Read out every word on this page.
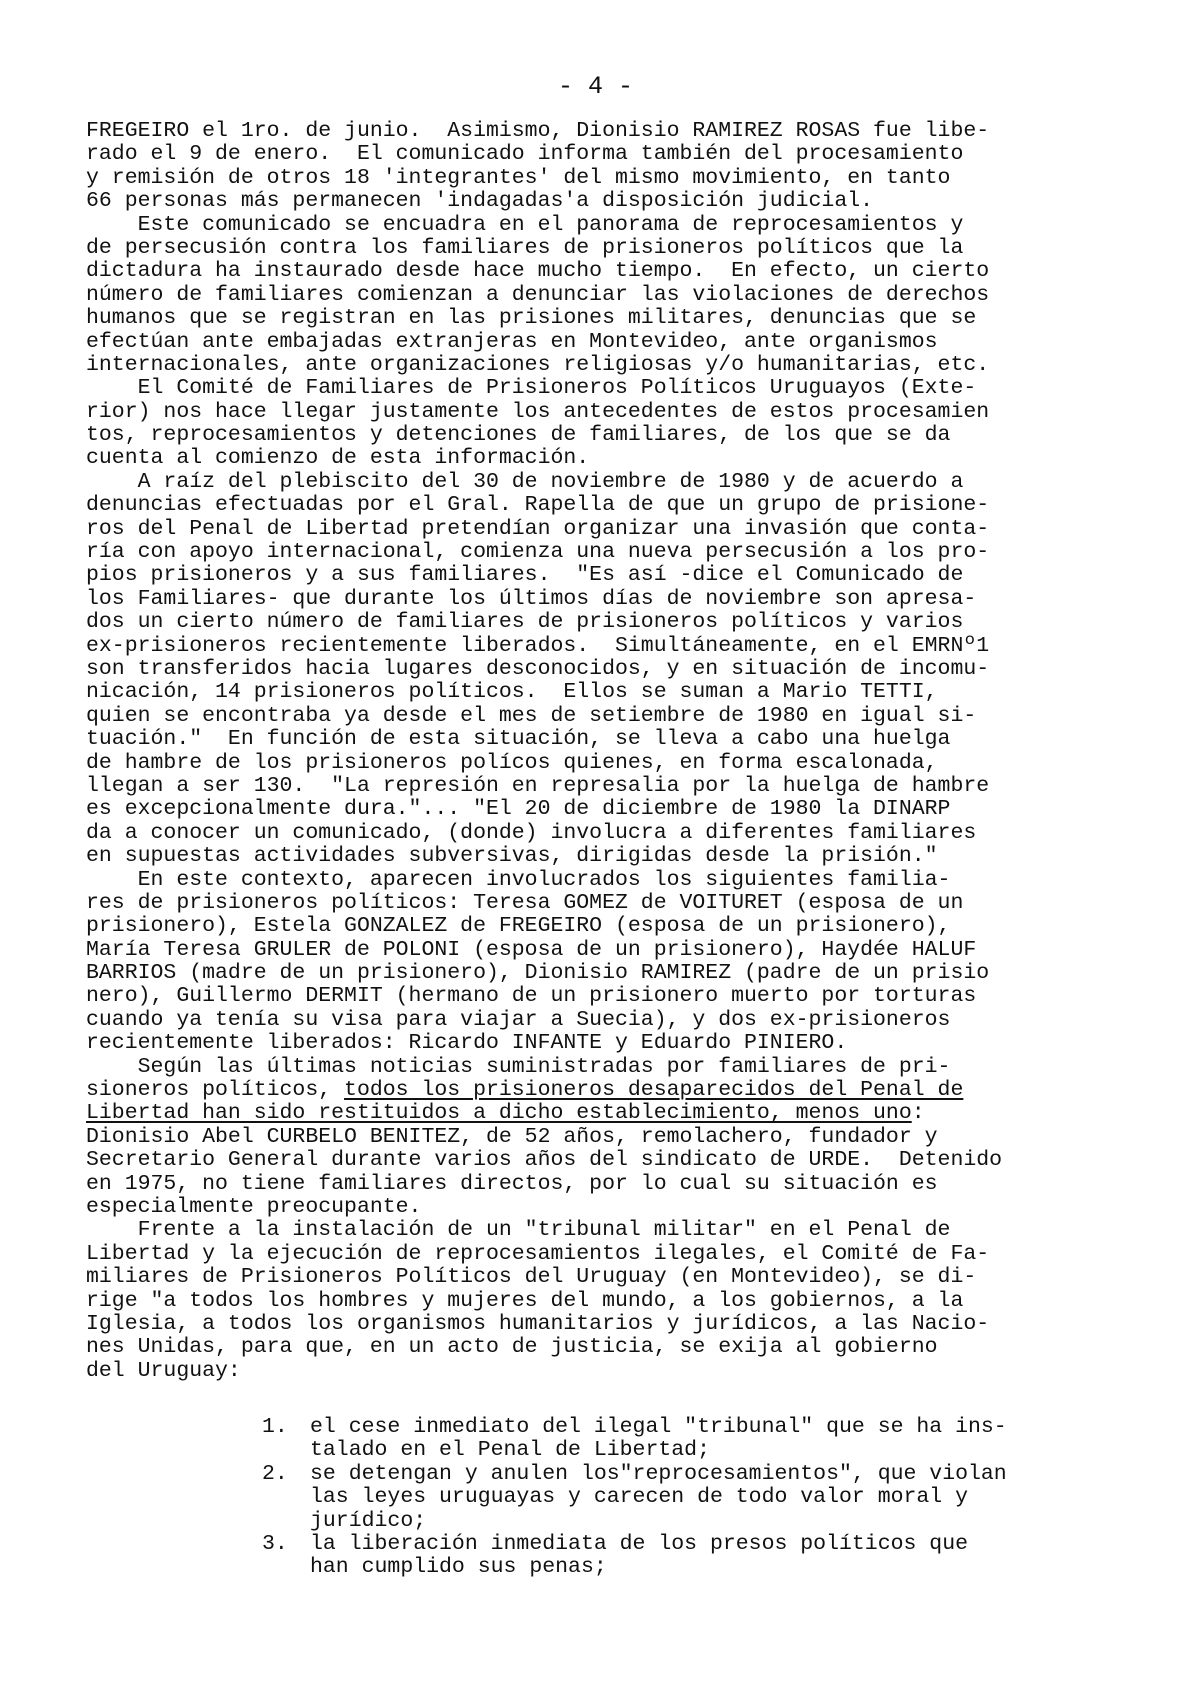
- 4 -
FREGEIRO el 1ro. de junio.  Asimismo, Dionisio RAMIREZ ROSAS fue libe-
rado el 9 de enero.  El comunicado informa también del procesamiento
y remisión de otros 18 'integrantes' del mismo movimiento, en tanto
66 personas más permanecen 'indagadas'a disposición judicial.
Este comunicado se encuadra en el panorama de reprocesamientos y
de persecusión contra los familiares de prisioneros políticos que la
dictadura ha instaurado desde hace mucho tiempo.  En efecto, un cierto
número de familiares comienzan a denunciar las violaciones de derechos
humanos que se registran en las prisiones militares, denuncias que se
efectúan ante embajadas extranjeras en Montevideo, ante organismos
internacionales, ante organizaciones religiosas y/o humanitarias, etc.
El Comité de Familiares de Prisioneros Políticos Uruguayos (Exte-
rior) nos hace llegar justamente los antecedentes de estos procesamien
tos, reprocesamientos y detenciones de familiares, de los que se da
cuenta al comienzo de esta información.
A raíz del plebiscito del 30 de noviembre de 1980 y de acuerdo a
denuncias efectuadas por el Gral. Rapella de que un grupo de prisione-
ros del Penal de Libertad pretendían organizar una invasión que conta-
ría con apoyo internacional, comienza una nueva persecusión a los pro-
pios prisioneros y a sus familiares.  "Es así -dice el Comunicado de
los Familiares- que durante los últimos días de noviembre son apresa-
dos un cierto número de familiares de prisioneros políticos y varios
ex-prisioneros recientemente liberados.  Simultáneamente, en el EMRNº1
son transferidos hacia lugares desconocidos, y en situación de incomu-
nicación, 14 prisioneros políticos.  Ellos se suman a Mario TETTI,
quien se encontraba ya desde el mes de setiembre de 1980 en igual si-
tuación."  En función de esta situación, se lleva a cabo una huelga
de hambre de los prisioneros polícos quienes, en forma escalonada,
llegan a ser 130.  "La represión en represalia por la huelga de hambre
es excepcionalmente dura."... "El 20 de diciembre de 1980 la DINARP
da a conocer un comunicado, (donde) involucra a diferentes familiares
en supuestas actividades subversivas, dirigidas desde la prisión."
En este contexto, aparecen involucrados los siguientes familia-
res de prisioneros políticos: Teresa GOMEZ de VOITURET (esposa de un
prisionero), Estela GONZALEZ de FREGEIRO (esposa de un prisionero),
María Teresa GRULER de POLONI (esposa de un prisionero), Haydée HALUF
BARRIOS (madre de un prisionero), Dionisio RAMIREZ (padre de un prisio
nero), Guillermo DERMIT (hermano de un prisionero muerto por torturas
cuando ya tenía su visa para viajar a Suecia), y dos ex-prisioneros
recientemente liberados: Ricardo INFANTE y Eduardo PINIERO.
Según las últimas noticias suministradas por familiares de pri-
sioneros políticos, todos los prisioneros desaparecidos del Penal de
Libertad han sido restituidos a dicho establecimiento, menos uno:
Dionisio Abel CURBELO BENITEZ, de 52 años, remolachero, fundador y
Secretario General durante varios años del sindicato de URDE.  Detenido
en 1975, no tiene familiares directos, por lo cual su situación es
especialmente preocupante.
Frente a la instalación de un "tribunal militar" en el Penal de
Libertad y la ejecución de reprocesamientos ilegales, el Comité de Fa-
miliares de Prisioneros Políticos del Uruguay (en Montevideo), se di-
rige "a todos los hombres y mujeres del mundo, a los gobiernos, a la
Iglesia, a todos los organismos humanitarios y jurídicos, a las Nacio-
nes Unidas, para que, en un acto de justicia, se exija al gobierno
del Uruguay:
1.	el cese inmediato del ilegal "tribunal" que se ha ins-
talado en el Penal de Libertad;
2.	se detengan y anulen los"reprocesamientos", que violan
las leyes uruguayas y carecen de todo valor moral y
jurídico;
3.	la liberación inmediata de los presos políticos que
han cumplido sus penas;
